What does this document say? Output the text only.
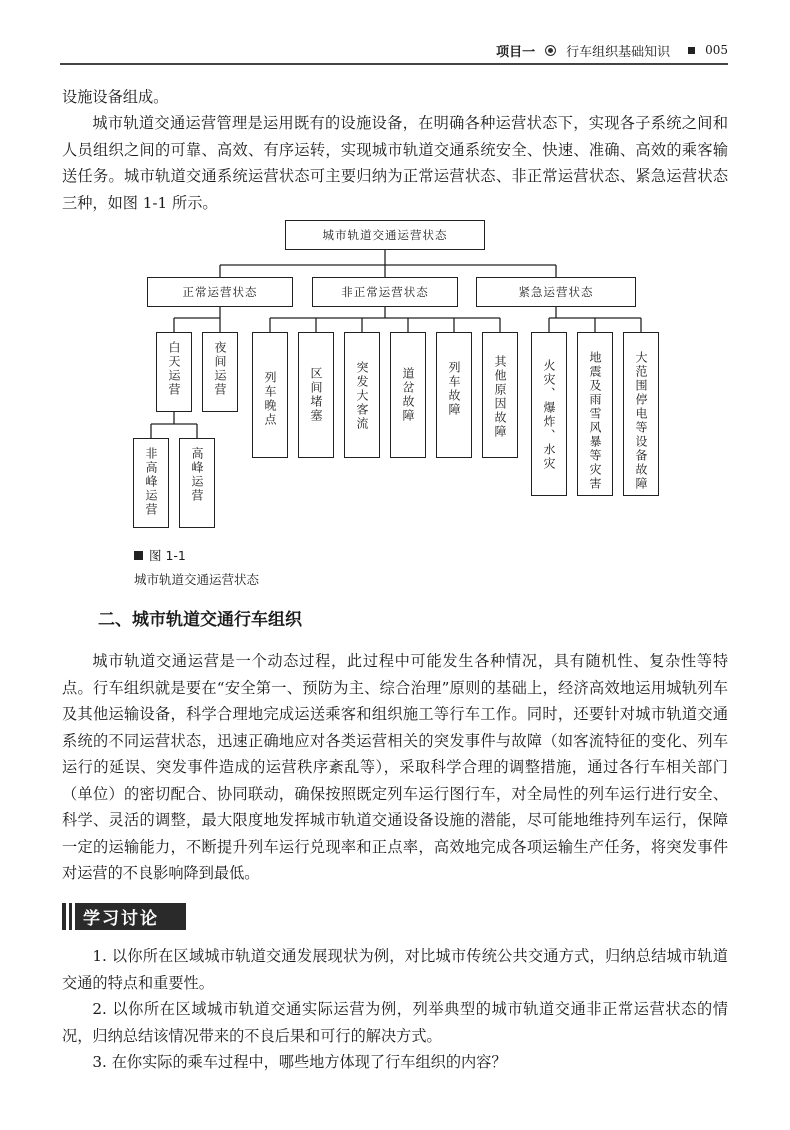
项目一 行车组织基础知识	005

设施设备组成。

城市轨道交通运营管理是运用既有的设施设备，在明确各种运营状态下，实现各子系统之间和人员组织之间的可靠、高效、有序运转，实现城市轨道交通系统安全、快速、准确、高效的乘客输送任务。城市轨道交通系统运营状态可主要归纳为正常运营状态、非正常运营状态、紧急运营状态三种，如图 1-1 所示。

城市轨道交通运营状态
正常运营状态	非正常运营状态	紧急运营状态
白天运营	夜间运营
非高峰运营	高峰运营
列车晚点	区间堵塞	突发大客流	道岔故障	列车故障	其他原因故障	火灾、爆炸、水灾	地震及雨雪风暴等灾害	大范围停电等设备故障
图 1-1
城市轨道交通运营状态
二、城市轨道交通行车组织

城市轨道交通运营是一个动态过程，此过程中可能发生各种情况，具有随机性、复杂性等特点。行车组织就是要在“安全第一、预防为主、综合治理”原则的基础上，经济高效地运用城轨列车及其他运输设备，科学合理地完成运送乘客和组织施工等行车工作。同时，还要针对城市轨道交通系统的不同运营状态，迅速正确地应对各类运营相关的突发事件与故障（如客流特征的变化、列车运行的延误、突发事件造成的运营秩序紊乱等），采取科学合理的调整措施，通过各行车相关部门（单位）的密切配合、协同联动，确保按照既定列车运行图行车，对全局性的列车运行进行安全、科学、灵活的调整，最大限度地发挥城市轨道交通设备设施的潜能，尽可能地维持列车运行，保障一定的运输能力，不断提升列车运行兑现率和正点率，高效地完成各项运输生产任务，将突发事件对运营的不良影响降到最低。

学习讨论

1. 以你所在区域城市轨道交通发展现状为例，对比城市传统公共交通方式，归纳总结城市轨道交通的特点和重要性。

2. 以你所在区域城市轨道交通实际运营为例，列举典型的城市轨道交通非正常运营状态的情况，归纳总结该情况带来的不良后果和可行的解决方式。

3. 在你实际的乘车过程中，哪些地方体现了行车组织的内容？
